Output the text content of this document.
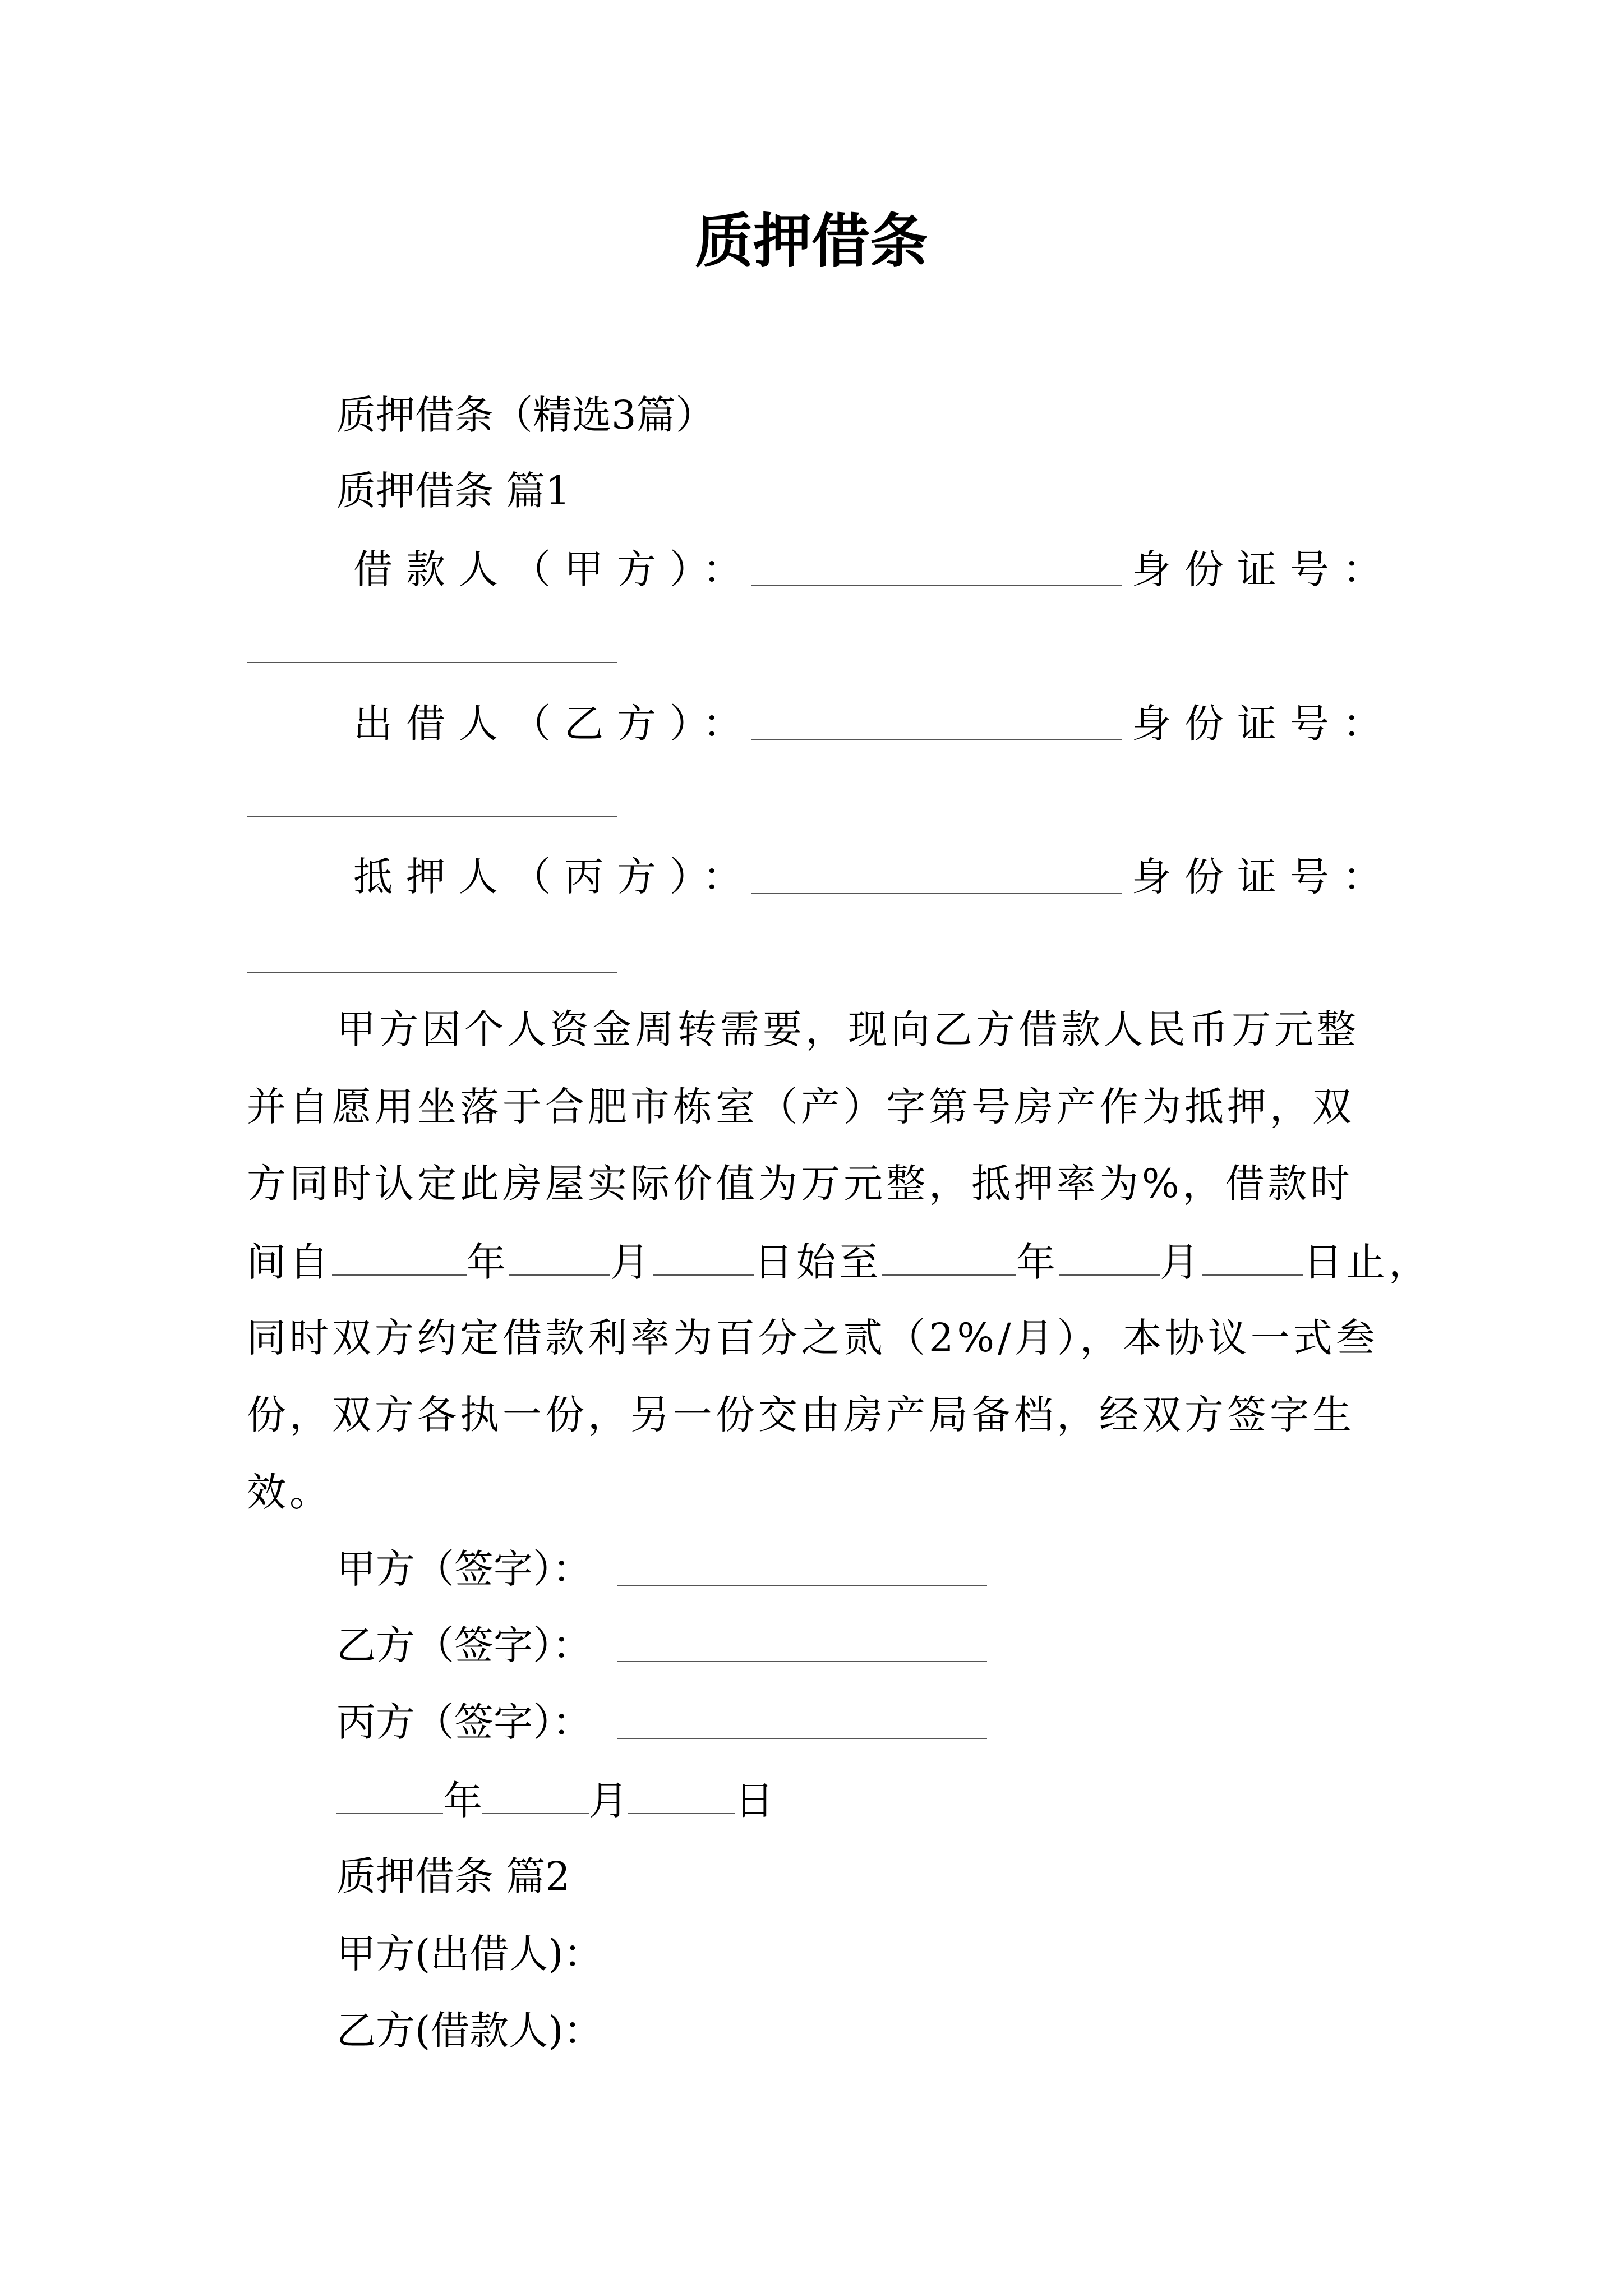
质押借条
质押借条（精选3篇）
质押借条 篇1
借款人（甲方）：	身份证号：
出借人（乙方）：	身份证号：
抵押人（丙方）：	身份证号：
甲方因个人资金周转需要，现向乙方借款人民币万元整
并自愿用坐落于合肥市栋室（产）字第号房产作为抵押，双
方同时认定此房屋实际价值为万元整，抵押率为%，借款时
间自	年	月	日始至	年	月	日止，
同时双方约定借款利率为百分之贰（2%/月），本协议一式叁
份，双方各执一份，另一份交由房产局备档，经双方签字生
效。
甲方（签字）：
乙方（签字）：
丙方（签字）：
年	月	日
质押借条 篇2
甲方(出借人)：
乙方(借款人)：
